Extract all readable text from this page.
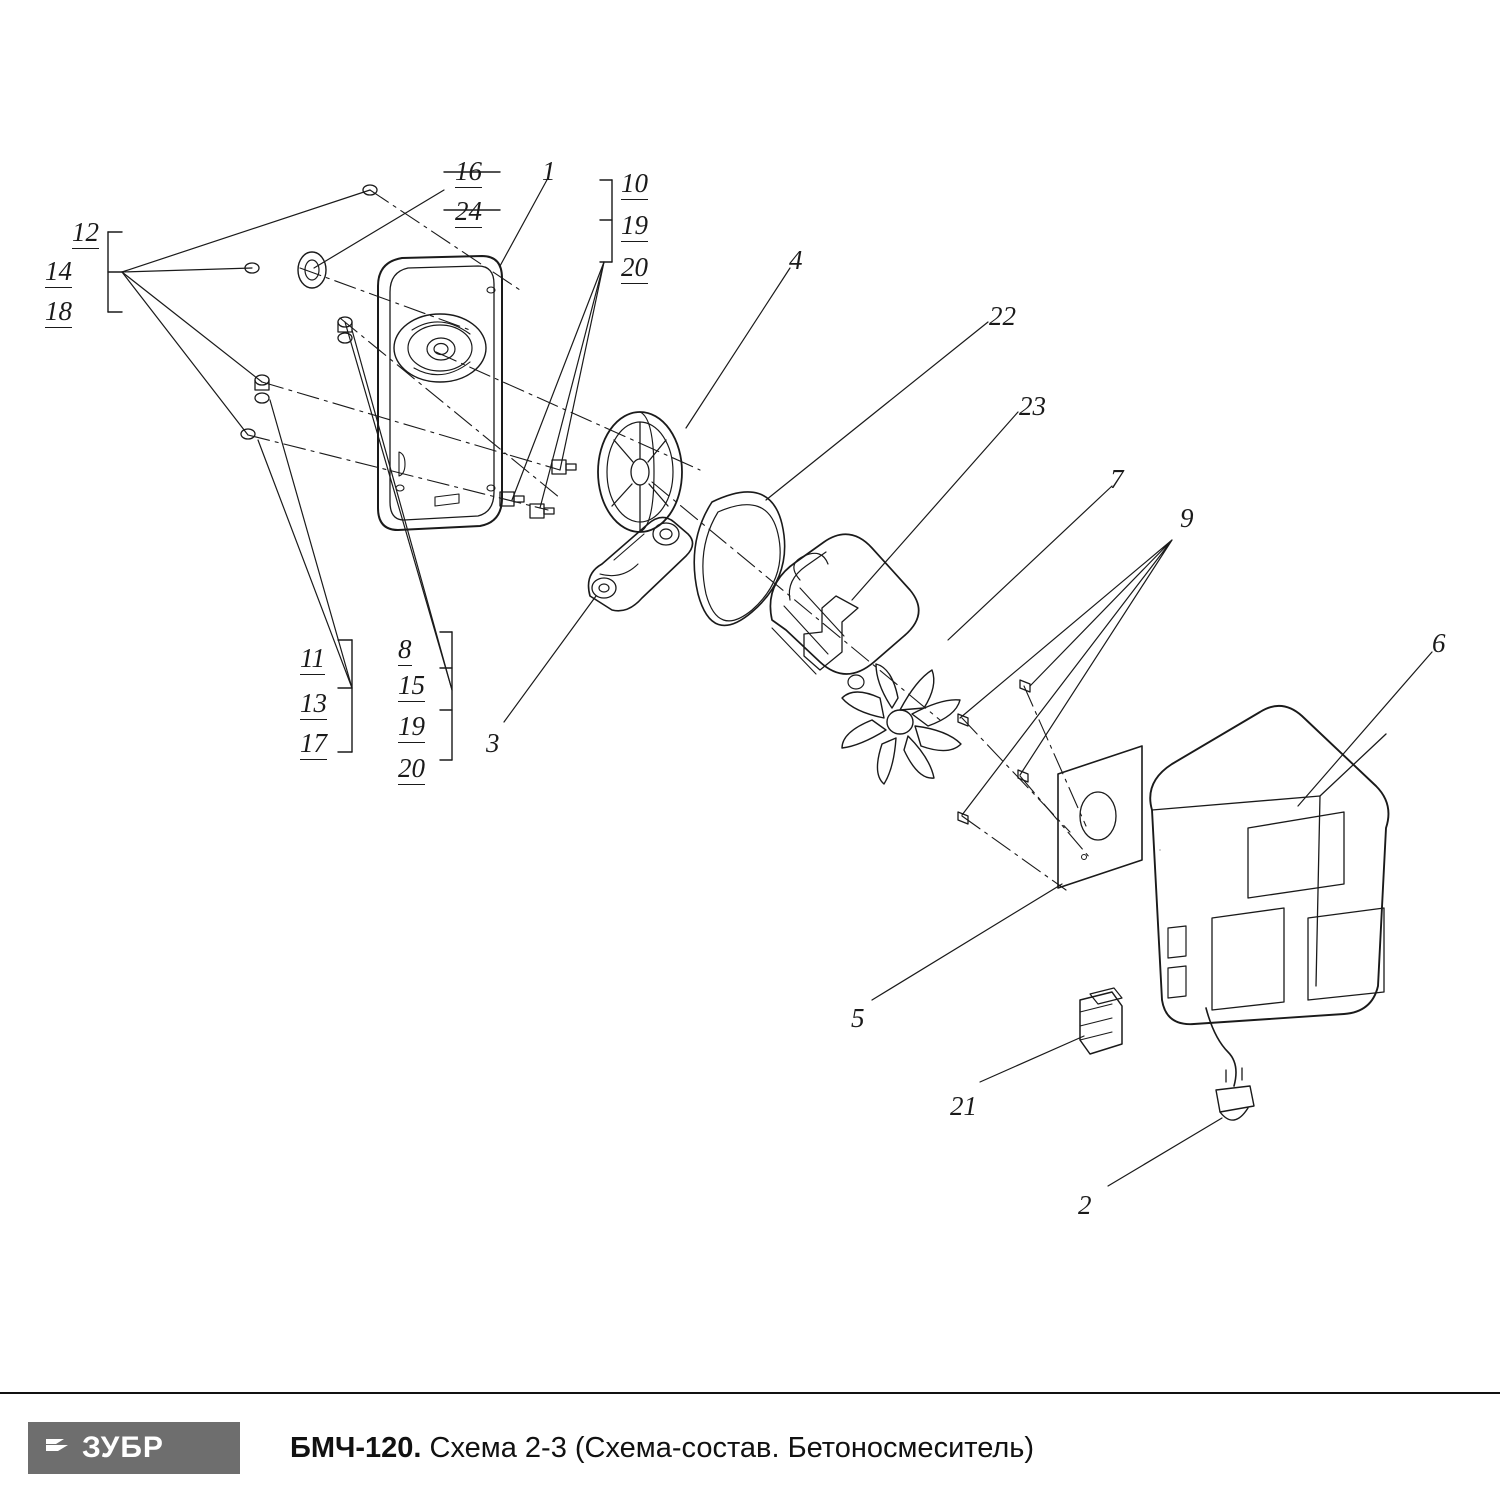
16
24
1 10
19
20
12
14
18
4
22
23
7
9
6
11
13
17
8
15
19
20
3
5
21
2
ЗУБР	БМЧ-120. Схема 2-3 (Схема-состав. Бетоносмеситель)
